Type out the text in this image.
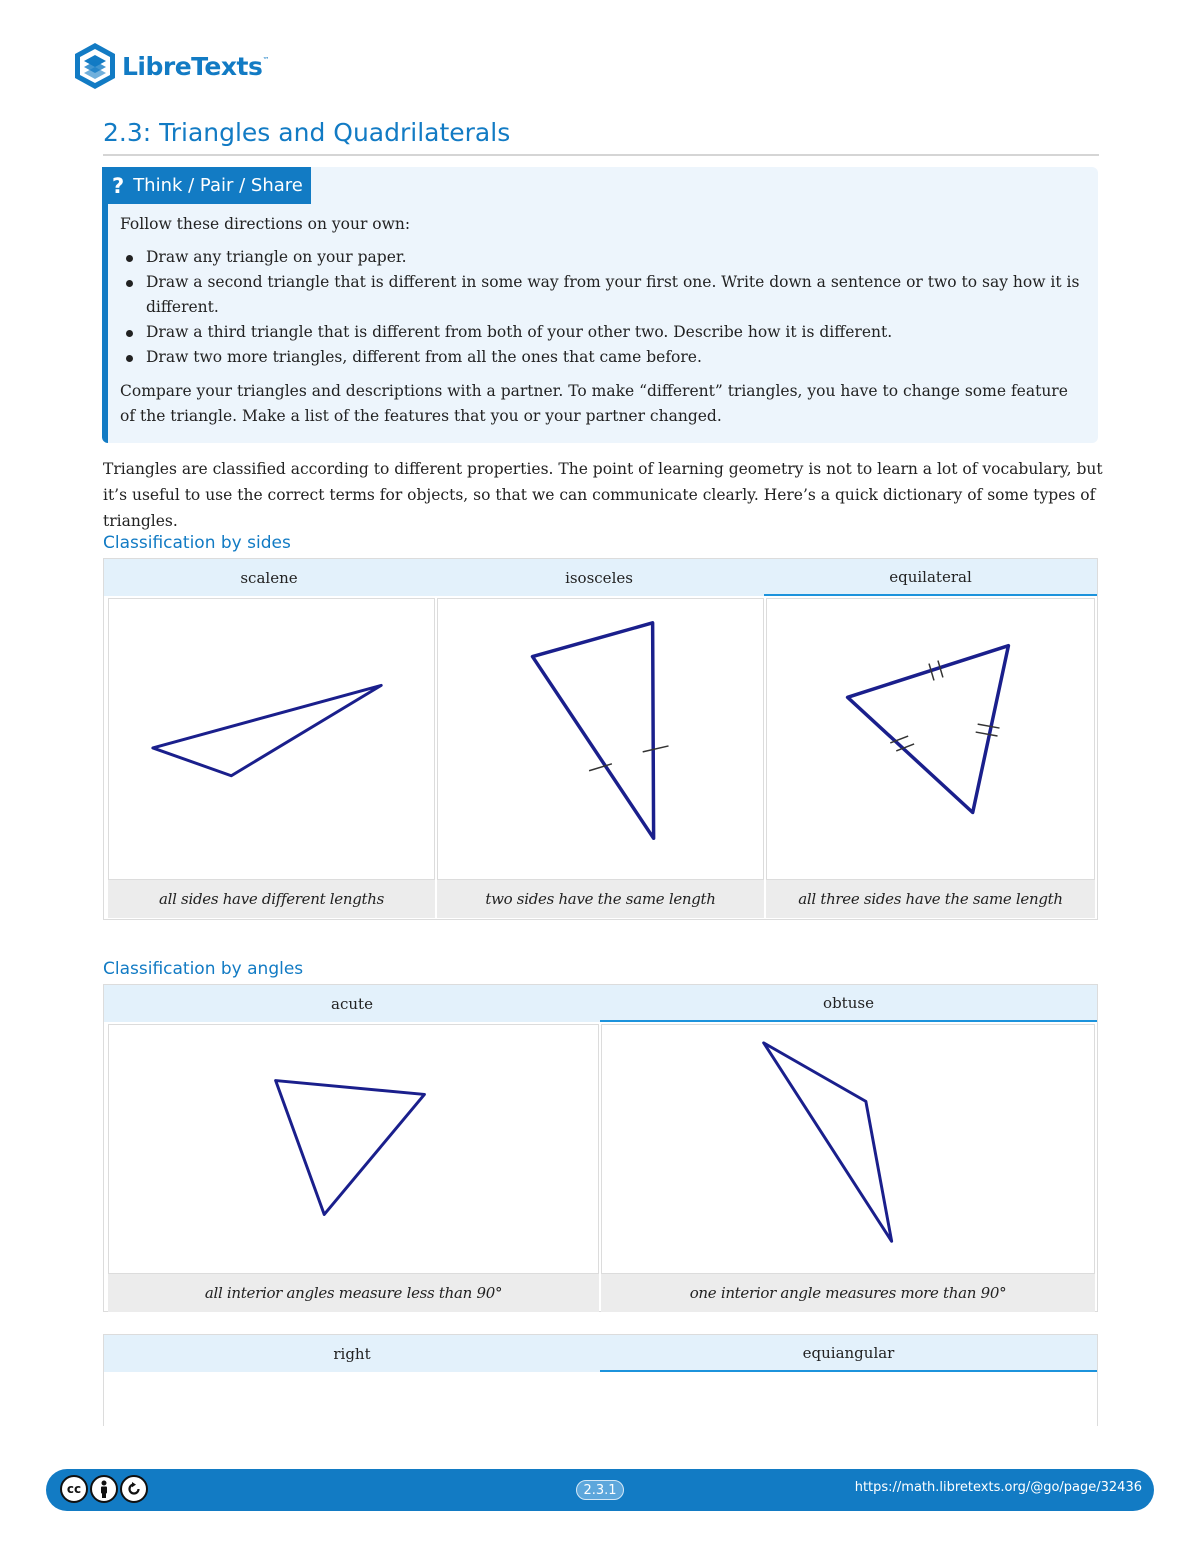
LibreTexts ™
2.3: Triangles and Quadrilaterals
? Think / Pair / Share

Follow these directions on your own:

Draw any triangle on your paper.
Draw a second triangle that is different in some way from your first one. Write down a sentence or two to say how it is different.
Draw a third triangle that is different from both of your other two. Describe how it is different.
Draw two more triangles, different from all the ones that came before.

Compare your triangles and descriptions with a partner. To make “different” triangles, you have to change some feature of the triangle. Make a list of the features that you or your partner changed.

Triangles are classified according to different properties. The point of learning geometry is not to learn a lot of vocabulary, but it’s useful to use the correct terms for objects, so that we can communicate clearly. Here’s a quick dictionary of some types of triangles.

Classification by sides
scalene	isosceles	equilateral
all sides have different lengths	two sides have the same length	all three sides have the same length
Classification by angles
acute	obtuse
all interior angles measure less than 90°	one interior angle measures more than 90°
right	equiangular
cc	2.3.1	https://math.libretexts.org/@go/page/32436
